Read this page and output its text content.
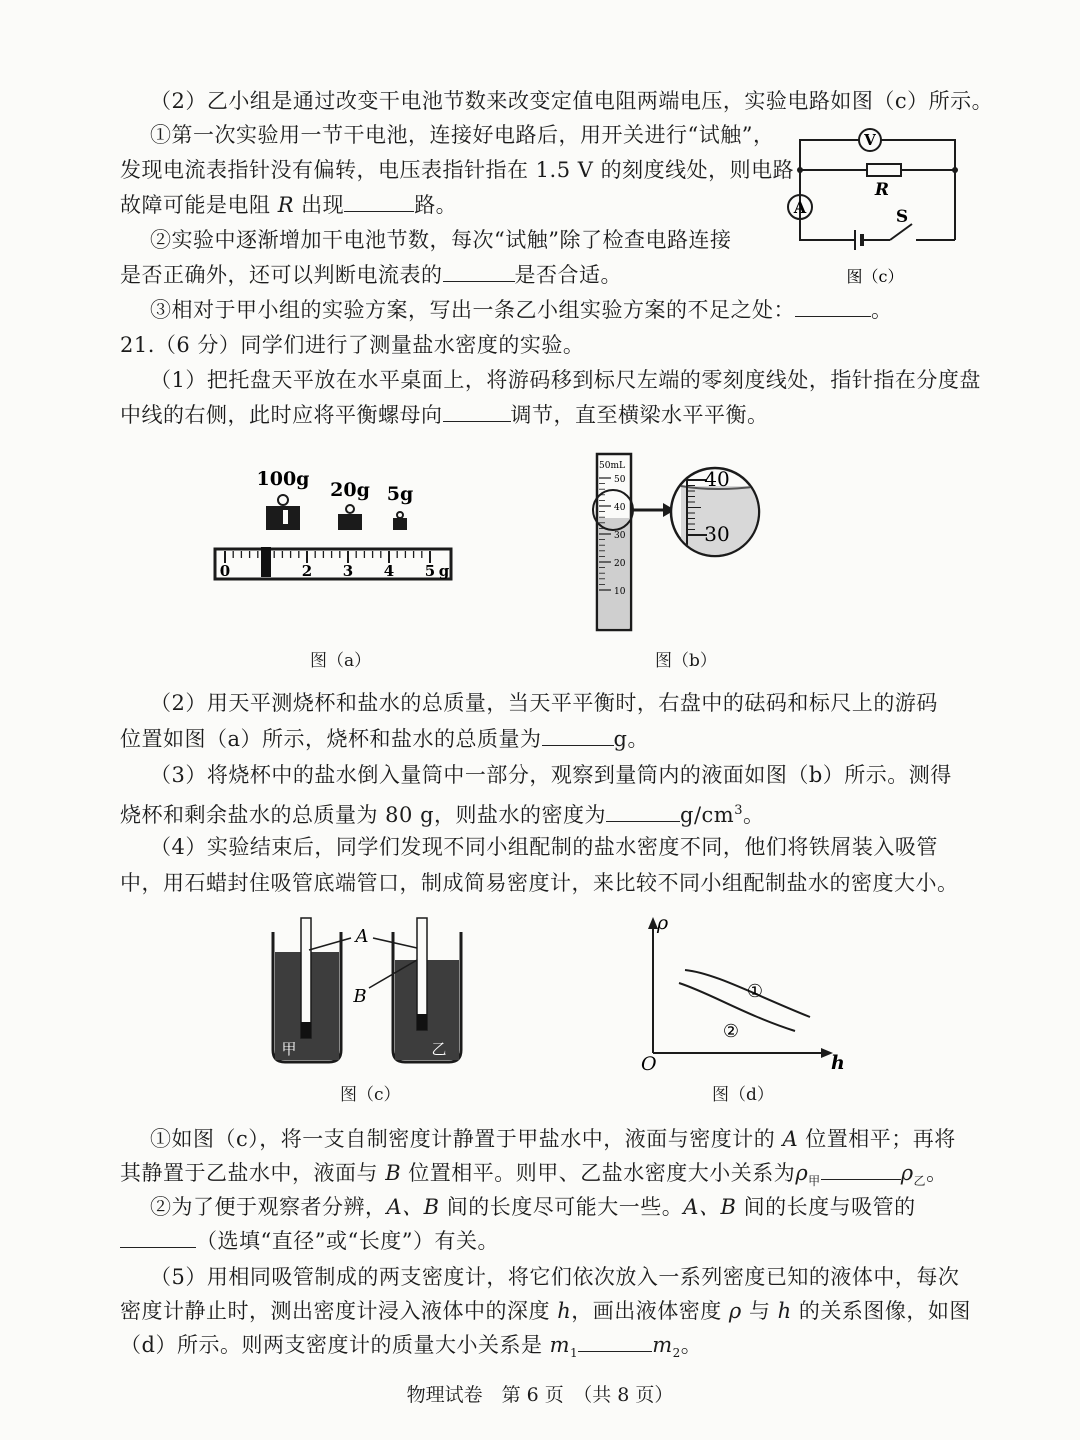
（2）乙小组是通过改变干电池节数来改变定值电阻两端电压，实验电路如图（c）所示。
①第一次实验用一节干电池，连接好电路后，用开关进行“试触”，
发现电流表指针没有偏转，电压表指针指在 1.5 V 的刻度线处，则电路
故障可能是电阻 R 出现	路。
②实验中逐渐增加干电池节数，每次“试触”除了检查电路连接
是否正确外，还可以判断电流表的	是否合适。
③相对于甲小组的实验方案，写出一条乙小组实验方案的不足之处：	。
V
A
R
S
图（c）
21.（6 分）同学们进行了测量盐水密度的实验。
（1）把托盘天平放在水平桌面上，将游码移到标尺左端的零刻度线处，指针指在分度盘
中线的右侧，此时应将平衡螺母向	调节，直至横梁水平平衡。
100g 20g 5g
0	2 3 4 5 g
图（a）
50mL
50
40
30
20
10
40
30
图（b）
（2）用天平测烧杯和盐水的总质量，当天平平衡时，右盘中的砝码和标尺上的游码
位置如图（a）所示，烧杯和盐水的总质量为	g。
（3）将烧杯中的盐水倒入量筒中一部分，观察到量筒内的液面如图（b）所示。测得
烧杯和剩余盐水的总质量为 80 g，则盐水的密度为	$g/cm^3$。
（4）实验结束后，同学们发现不同小组配制的盐水密度不同，他们将铁屑装入吸管
中，用石蜡封住吸管底端管口，制成简易密度计，来比较不同小组配制盐水的密度大小。
甲	乙
A
B
图（c）
ρ
h
O
①
②
图（d）
①如图（c），将一支自制密度计静置于甲盐水中，液面与密度计的 A 位置相平；再将
其静置于乙盐水中，液面与 B 位置相平。则甲、乙盐水密度大小关系为$\rho_甲$	$\rho_乙$。
②为了便于观察者分辨，A、B 间的长度尽可能大一些。A、B 间的长度与吸管的
（选填“直径”或“长度”）有关。
（5）用相同吸管制成的两支密度计，将它们依次放入一系列密度已知的液体中，每次
密度计静止时，测出密度计浸入液体中的深度 h，画出液体密度 ρ 与 h 的关系图像，如图
（d）所示。则两支密度计的质量大小关系是 $m_1$	$m_2$。
物理试卷　第 6 页　（共 8 页）
